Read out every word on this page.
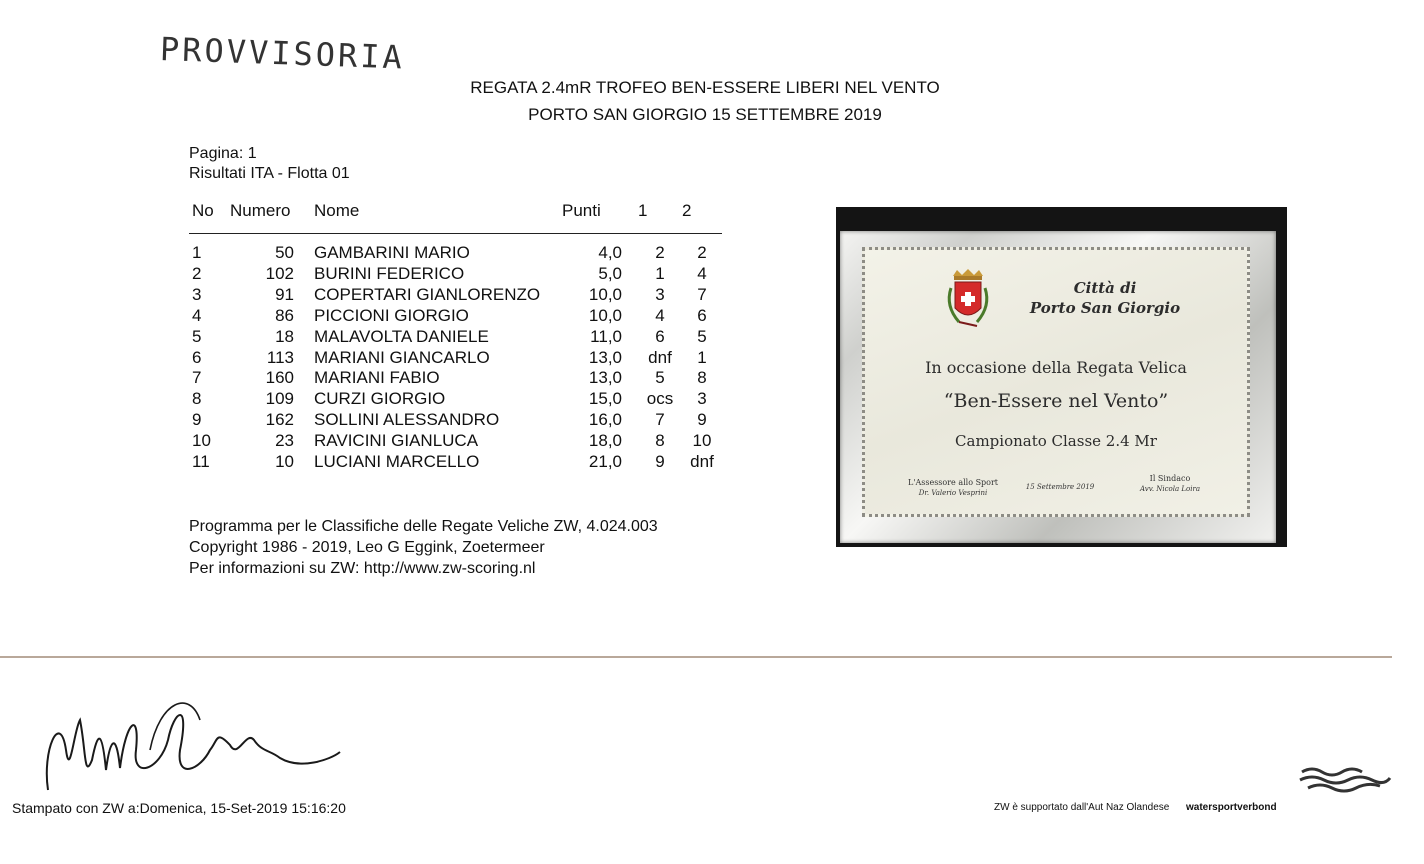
PROVVISORIA
REGATA 2.4mR TROFEO BEN-ESSERE LIBERI NEL VENTO
PORTO SAN GIORGIO 15 SETTEMBRE 2019
Pagina: 1
Risultati ITA - Flotta 01
No	Numero	Nome	Punti	1	2
1	50	GAMBARINI MARIO	4,0	2	2
2	102	BURINI FEDERICO	5,0	1	4
3	91	COPERTARI GIANLORENZO	10,0	3	7
4	86	PICCIONI GIORGIO	10,0	4	6
5	18	MALAVOLTA DANIELE	11,0	6	5
6	113	MARIANI GIANCARLO	13,0	dnf	1
7	160	MARIANI FABIO	13,0	5	8
8	109	CURZI GIORGIO	15,0	ocs	3
9	162	SOLLINI ALESSANDRO	16,0	7	9
10	23	RAVICINI GIANLUCA	18,0	8	10
11	10	LUCIANI MARCELLO	21,0	9	dnf
Programma per le Classifiche delle Regate Veliche ZW, 4.024.003
Copyright 1986 - 2019, Leo G Eggink, Zoetermeer
Per informazioni su ZW: http://www.zw-scoring.nl
Città di
Porto San Giorgio
In occasione della Regata Velica
“Ben-Essere nel Vento”
Campionato Classe 2.4 Mr
L'Assessore allo Sport
Dr. Valerio Vesprini
15 Settembre 2019
Il Sindaco
Avv. Nicola Loira
Stampato con ZW a:Domenica, 15-Set-2019 15:16:20	ZW è supportato dall'Aut Naz Olandese watersportverbond
